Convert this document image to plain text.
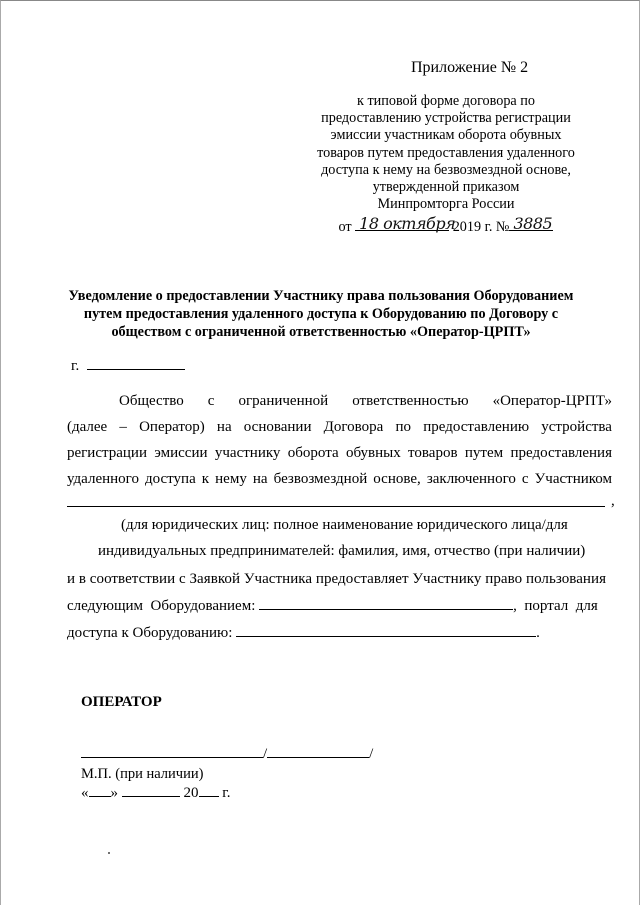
Приложение № 2
к типовой форме договора по
предоставлению устройства регистрации
эмиссии участникам оборота обувных
товаров путем предоставления удаленного
доступа к нему на безвозмездной основе,
утвержденной приказом
Минпромторга России
от 18 октября
2019 г. № 3885
Уведомление о предоставлении Участнику права пользования Оборудованием
путем предоставления удаленного доступа к Оборудованию по Договору с
обществом с ограниченной ответственностью «Оператор-ЦРПТ»
г.
Общество с ограниченной ответственностью «Оператор-ЦРПТ»
(далее – Оператор) на основании Договора по предоставлению устройства
регистрации эмиссии участнику оборота обувных товаров путем предоставления
удаленного доступа к нему на безвозмездной основе, заключенного с Участником
,
(для юридических лиц: полное наименование юридического лица/для
индивидуальных предпринимателей: фамилия, имя, отчество (при наличии)
и в соответствии с Заявкой Участника предоставляет Участнику право пользования
следующим  Оборудованием:	,  портал  для
доступа к Оборудованию:	.
ОПЕРАТОР
/	/
М.П. (при наличии)
« »	20 г.
